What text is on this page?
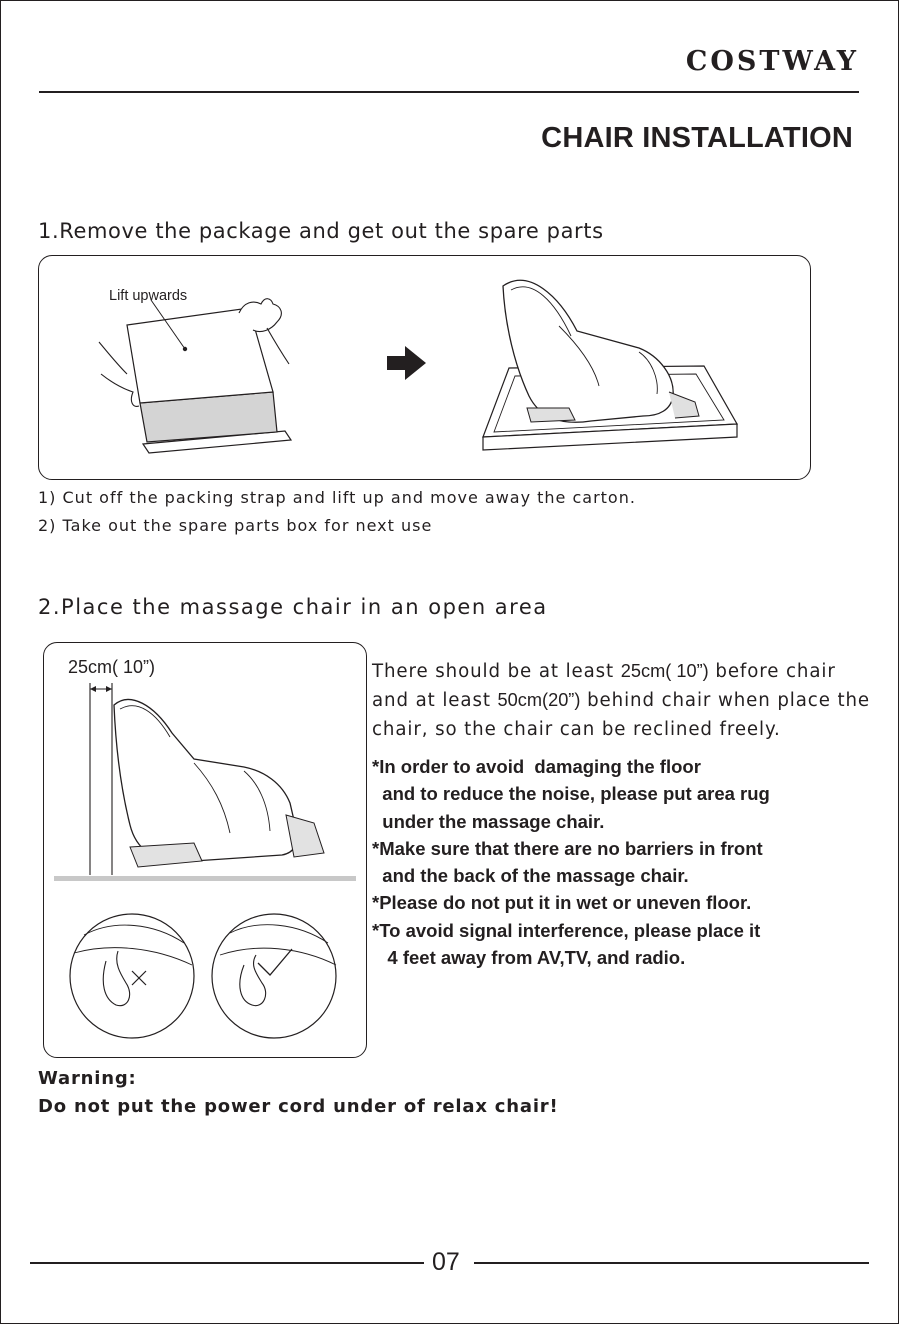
COSTWAY
CHAIR INSTALLATION
1.Remove the package and get out the spare parts
Lift upwards
1) Cut off the packing strap and lift up and move away the carton.
2) Take out the spare parts box for next use
2.Place the massage chair in an open area
25cm( 10”)	There should be at least 25cm( 10”) before chair and at least 50cm(20”) behind chair when place the chair, so the chair can be reclined freely.

*In order to avoid  damaging the floor
and to reduce the noise, please put area rug
under the massage chair.
*Make sure that there are no barriers in front
and the back of the massage chair.
*Please do not put it in wet or uneven floor.
*To avoid signal interference, please place it
4 feet away from AV,TV, and radio.
Warning:
Do not put the power cord under of relax chair!
07
